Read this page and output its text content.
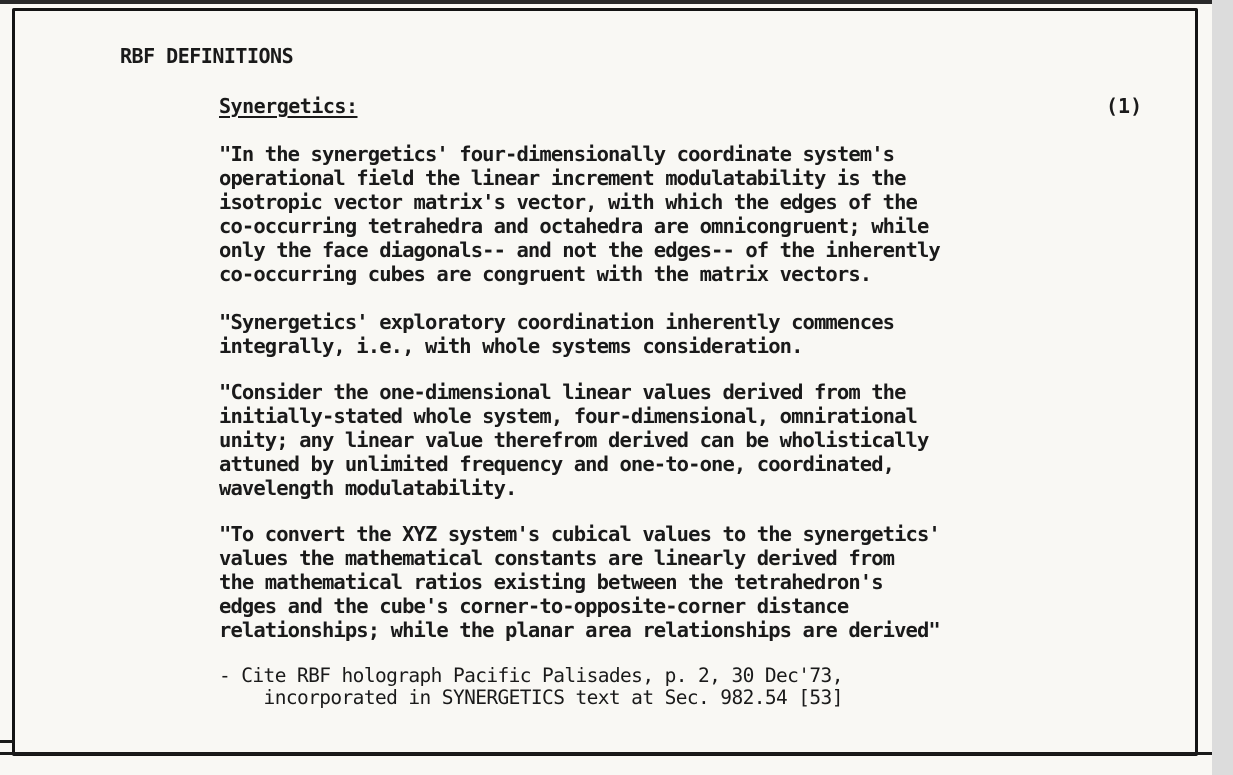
RBF DEFINITIONS
Synergetics:	(1)

"In the synergetics' four-dimensionally coordinate system's
operational field the linear increment modulatability is the
isotropic vector matrix's vector, with which the edges of the
co-occurring tetrahedra and octahedra are omnicongruent; while
only the face diagonals-- and not the edges-- of the inherently
co-occurring cubes are congruent with the matrix vectors.

"Synergetics' exploratory coordination inherently commences
integrally, i.e., with whole systems consideration.

"Consider the one-dimensional linear values derived from the
initially-stated whole system, four-dimensional, omnirational
unity; any linear value therefrom derived can be wholistically
attuned by unlimited frequency and one-to-one, coordinated,
wavelength modulatability.

"To convert the XYZ system's cubical values to the synergetics'
values the mathematical constants are linearly derived from
the mathematical ratios existing between the tetrahedron's
edges and the cube's corner-to-opposite-corner distance
relationships; while the planar area relationships are derived"

- Cite RBF holograph Pacific Palisades, p. 2, 30 Dec'73,
incorporated in SYNERGETICS text at Sec. 982.54 [53]
